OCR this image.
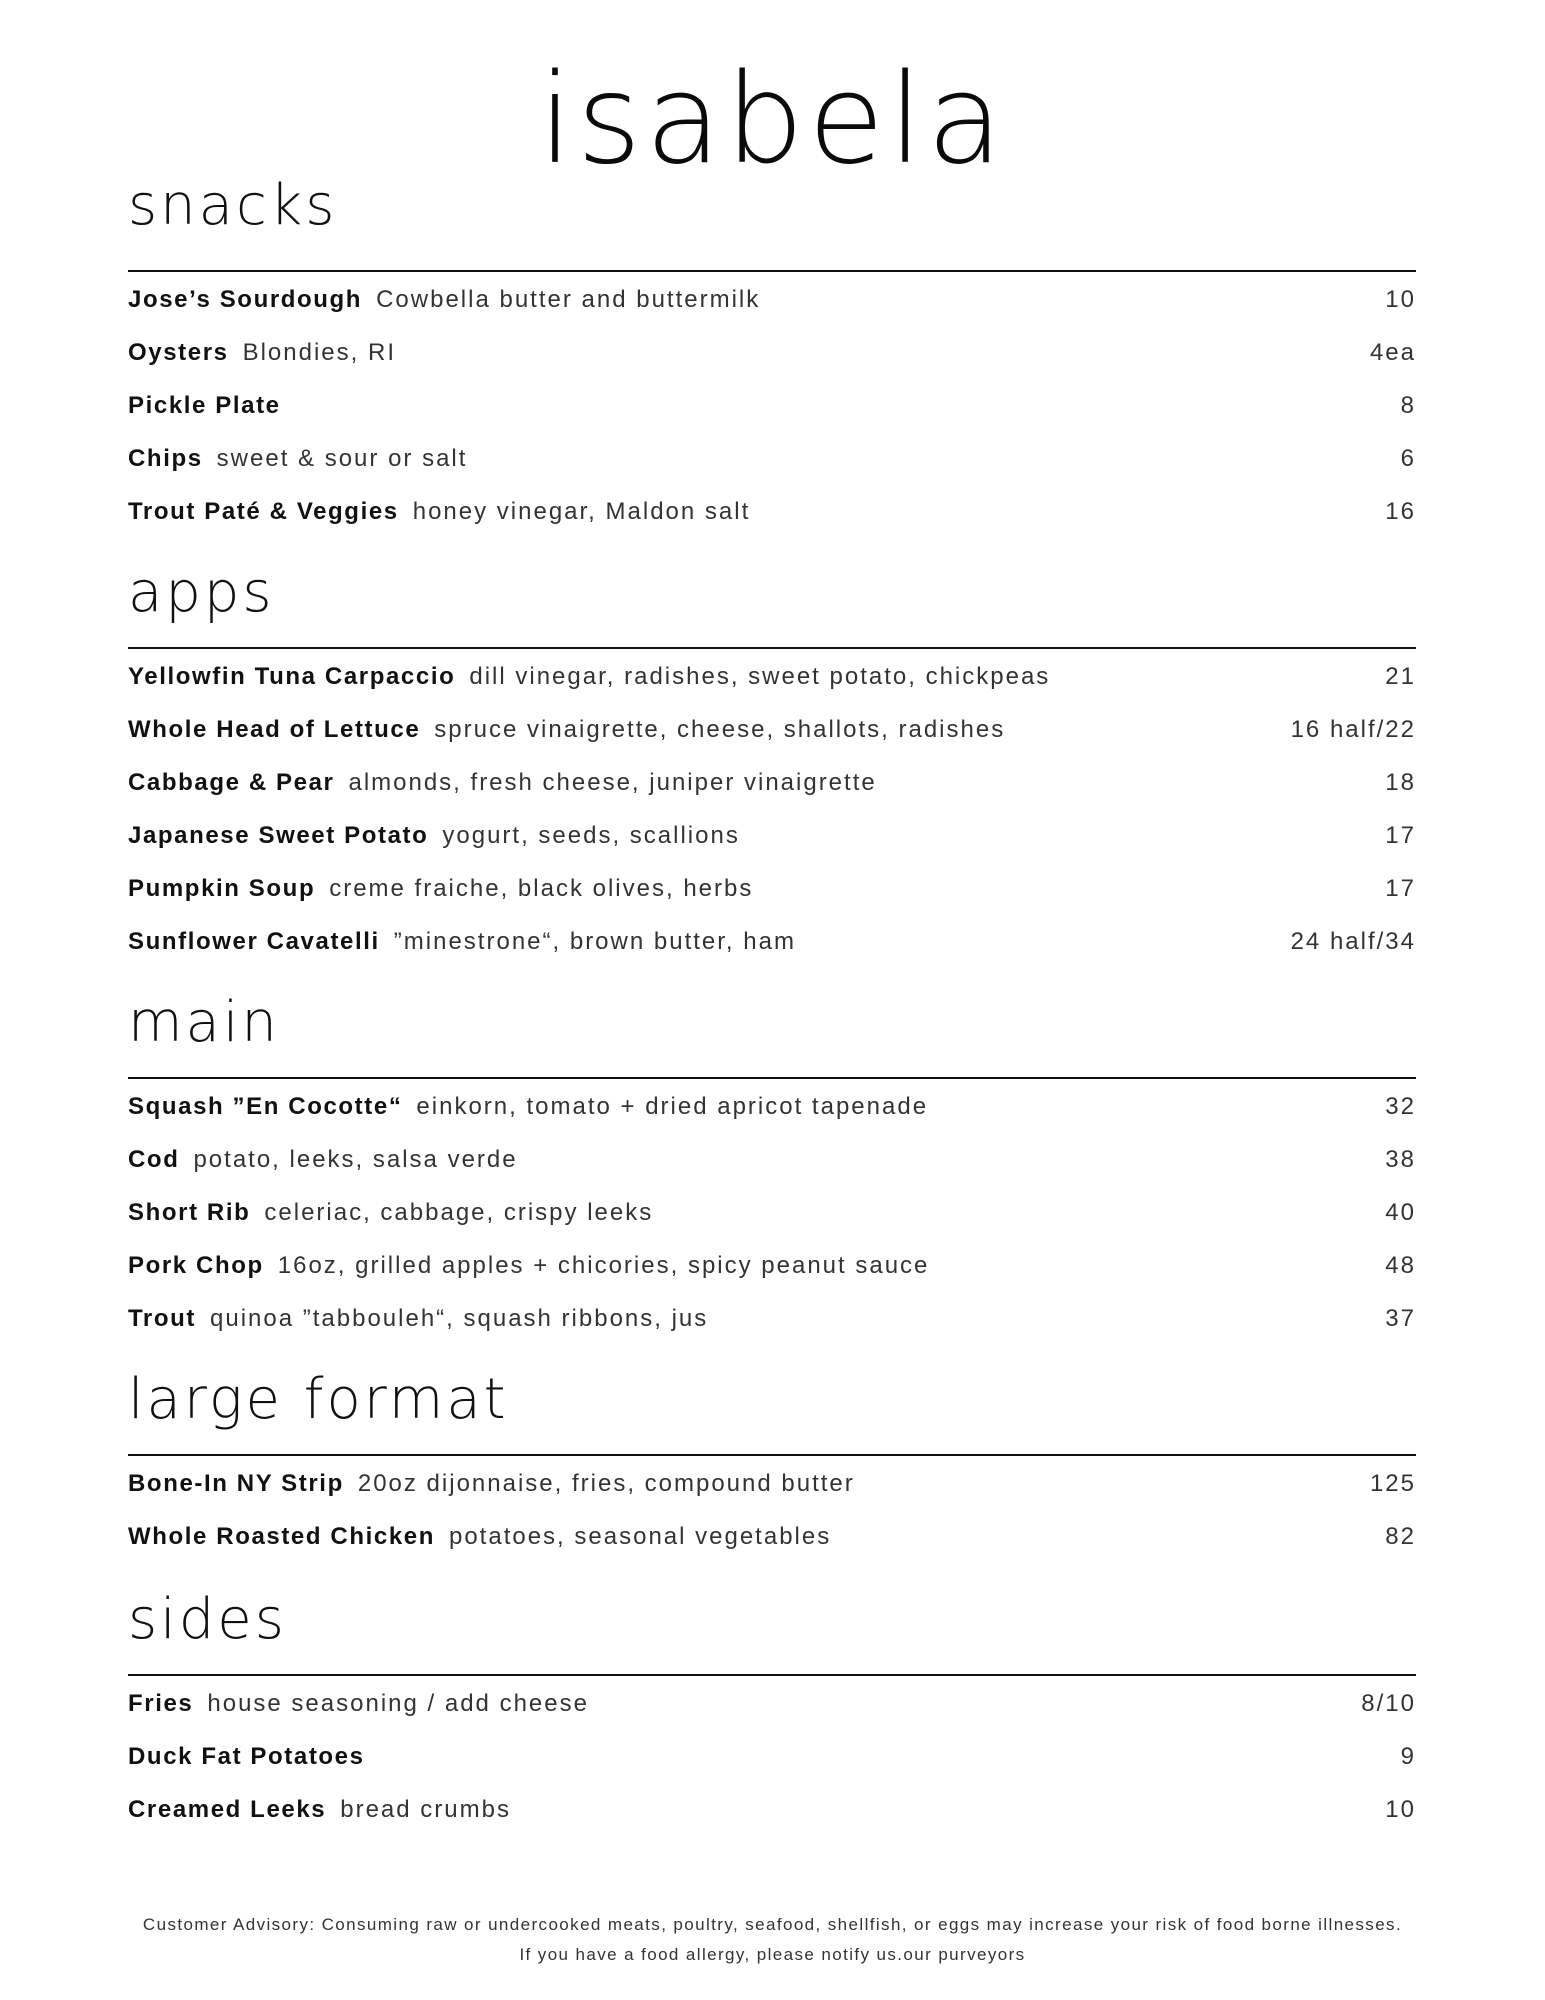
isabela
snacks
Jose’s Sourdough Cowbella butter and buttermilk	10
Oysters Blondies, RI	4ea
Pickle Plate	8
Chips sweet & sour or salt	6
Trout Paté & Veggies honey vinegar, Maldon salt	16
apps
Yellowfin Tuna Carpaccio dill vinegar, radishes, sweet potato, chickpeas	21
Whole Head of Lettuce spruce vinaigrette, cheese, shallots, radishes	16 half/22
Cabbage & Pear almonds, fresh cheese, juniper vinaigrette	18
Japanese Sweet Potato yogurt, seeds, scallions	17
Pumpkin Soup creme fraiche, black olives, herbs	17
Sunflower Cavatelli ”minestrone“, brown butter, ham	24 half/34
main
Squash ”En Cocotte“ einkorn, tomato + dried apricot tapenade	32
Cod potato, leeks, salsa verde	38
Short Rib celeriac, cabbage, crispy leeks	40
Pork Chop 16oz, grilled apples + chicories, spicy peanut sauce	48
Trout quinoa ”tabbouleh“, squash ribbons, jus	37
large format
Bone-In NY Strip 20oz dijonnaise, fries, compound butter	125
Whole Roasted Chicken potatoes, seasonal vegetables	82
sides
Fries house seasoning / add cheese	8/10
Duck Fat Potatoes	9
Creamed Leeks bread crumbs	10
Customer Advisory: Consuming raw or undercooked meats, poultry, seafood, shellfish, or eggs may increase your risk of food borne illnesses.
If you have a food allergy, please notify us.our purveyors
